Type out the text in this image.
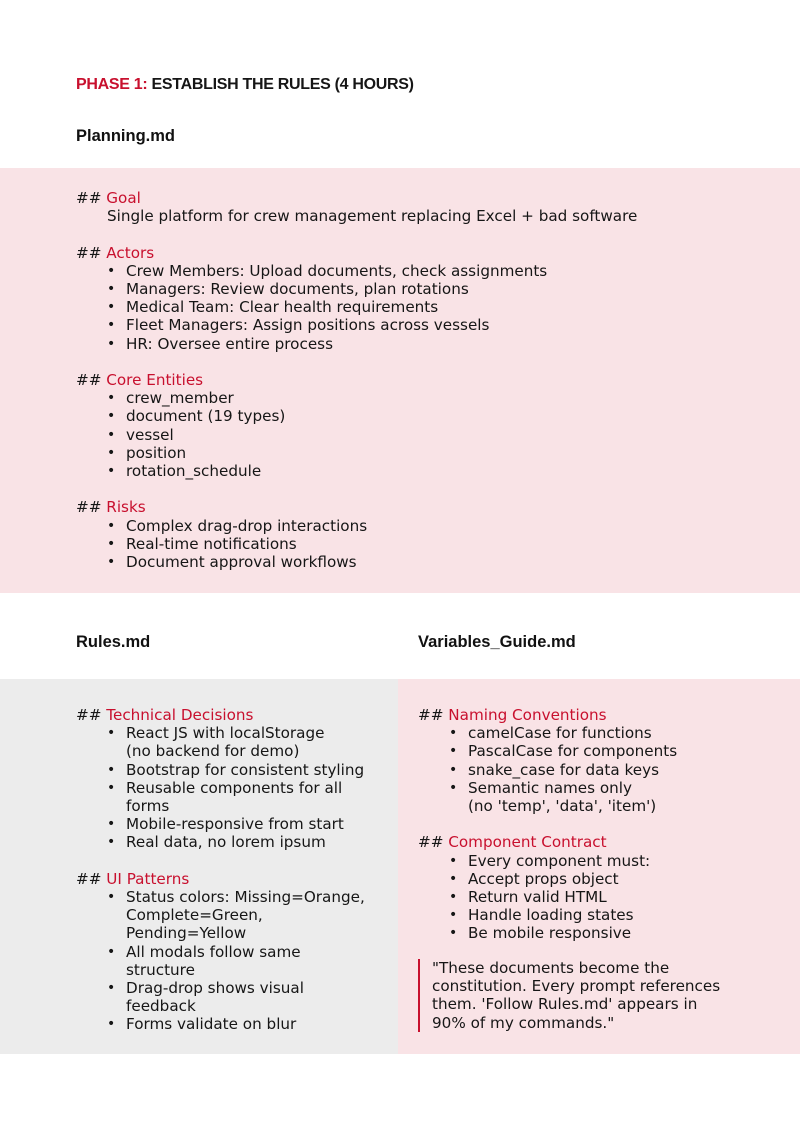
PHASE 1: ESTABLISH THE RULES (4 HOURS)
Planning.md
## Goal
Single platform for crew management replacing Excel + bad software
## Actors
• Crew Members: Upload documents, check assignments
• Managers: Review documents, plan rotations
• Medical Team: Clear health requirements
• Fleet Managers: Assign positions across vessels
• HR: Oversee entire process
## Core Entities
• crew_member
• document (19 types)
• vessel
• position
• rotation_schedule
## Risks
• Complex drag-drop interactions
• Real-time notifications
• Document approval workflows
Rules.md	Variables_Guide.md
## Technical Decisions
• React JS with localStorage
(no backend for demo)
• Bootstrap for consistent styling
• Reusable components for all
forms
• Mobile-responsive from start
• Real data, no lorem ipsum
## UI Patterns
• Status colors: Missing=Orange,
Complete=Green,
Pending=Yellow
• All modals follow same
structure
• Drag-drop shows visual
feedback
• Forms validate on blur
## Naming Conventions
• camelCase for functions
• PascalCase for components
• snake_case for data keys
• Semantic names only
(no 'temp', 'data', 'item')
## Component Contract
• Every component must:
• Accept props object
• Return valid HTML
• Handle loading states
• Be mobile responsive
"These documents become the constitution. Every prompt references them. 'Follow Rules.md' appears in 90% of my commands."
